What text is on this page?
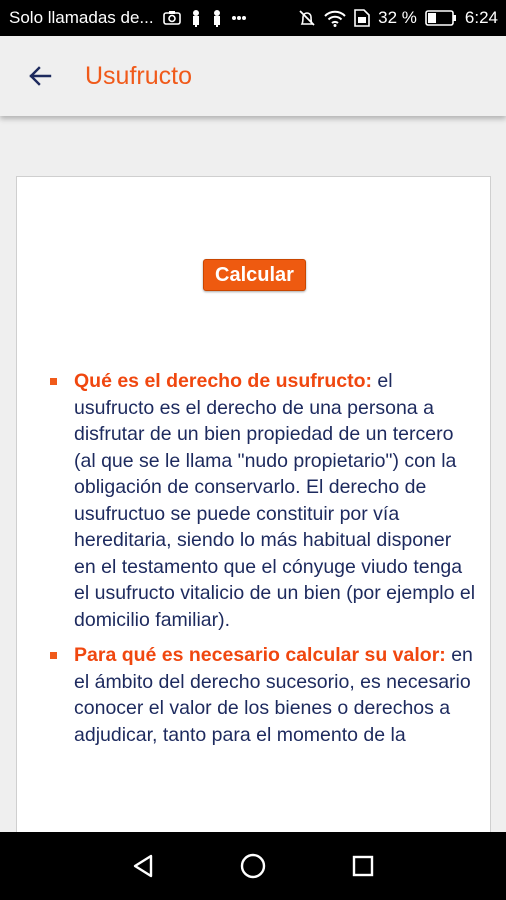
Solo llamadas de...	32 %	6:24
Usufructo
Calcular
Qué es el derecho de usufructo: el usufructo es el derecho de una persona a disfrutar de un bien propiedad de un tercero (al que se le llama "nudo propietario") con la obligación de conservarlo. El derecho de usufructuo se puede constituir por vía hereditaria, siendo lo más habitual disponer en el testamento que el cónyuge viudo tenga el usufructo vitalicio de un bien (por ejemplo el domicilio familiar).
Para qué es necesario calcular su valor: en el ámbito del derecho sucesorio, es necesario conocer el valor de los bienes o derechos a adjudicar, tanto para el momento de la
